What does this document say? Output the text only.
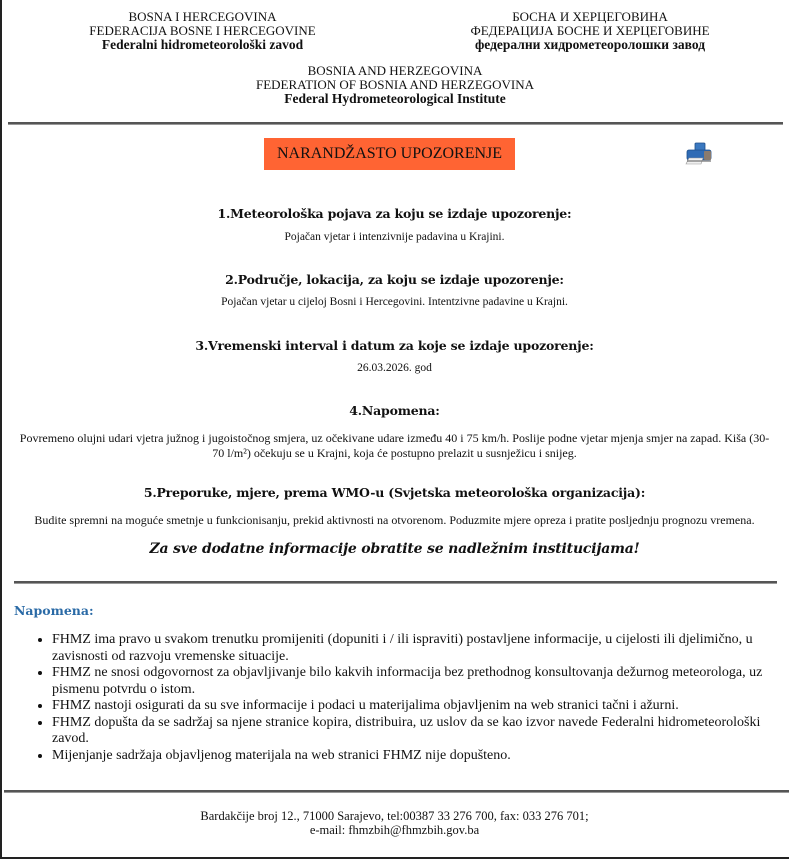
BOSNA I HERCEGOVINA
FEDERACIJA BOSNE I HERCEGOVINE
Federalni hidrometeorološki zavod
БОСНА И ХЕРЦЕГОВИНА
ФЕДЕРАЦИЈА БОСНЕ И ХЕРЦЕГОВИНЕ
федерални хидрометеоролошки завод
BOSNIA AND HERZEGOVINA
FEDERATION OF BOSNIA AND HERZEGOVINA
Federal Hydrometeorological Institute
NARANDŽASTO UPOZORENJE
1.Meteorološka pojava za koju se izdaje upozorenje:
Pojačan vjetar i intenzivnije padavina u Krajini.
2.Područje, lokacija, za koju se izdaje upozorenje:
Pojačan vjetar u cijeloj Bosni i Hercegovini. Intentzivne padavine u Krajni.
3.Vremenski interval i datum za koje se izdaje upozorenje:
26.03.2026. god
4.Napomena:
Povremeno olujni udari vjetra južnog i jugoistočnog smjera, uz očekivane udare između 40 i 75 km/h. Poslije podne vjetar mjenja smjer na zapad. Kiša (30-70 l/m²) očekuju se u Krajni, koja će postupno prelazit u susnježicu i snijeg.
5.Preporuke, mjere, prema WMO-u (Svjetska meteorološka organizacija):
Budite spremni na moguće smetnje u funkcionisanju, prekid aktivnosti na otvorenom. Poduzmite mjere opreza i pratite posljednju prognozu vremena.
Za sve dodatne informacije obratite se nadležnim institucijama!
Napomena:
• FHMZ ima pravo u svakom trenutku promijeniti (dopuniti i / ili ispraviti) postavljene informacije, u cijelosti ili djelimično, u zavisnosti od razvoju vremenske situacije.
• FHMZ ne snosi odgovornost za objavljivanje bilo kakvih informacija bez prethodnog konsultovanja dežurnog meteorologa, uz pismenu potvrdu o istom.
• FHMZ nastoji osigurati da su sve informacije i podaci u materijalima objavljenim na web stranici tačni i ažurni.
• FHMZ dopušta da se sadržaj sa njene stranice kopira, distribuira, uz uslov da se kao izvor navede Federalni hidrometeorološki zavod.
• Mijenjanje sadržaja objavljenog materijala na web stranici FHMZ nije dopušteno.
Bardakčije broj 12., 71000 Sarajevo, tel:00387 33 276 700, fax: 033 276 701;
e-mail: fhmzbih@fhmzbih.gov.ba
